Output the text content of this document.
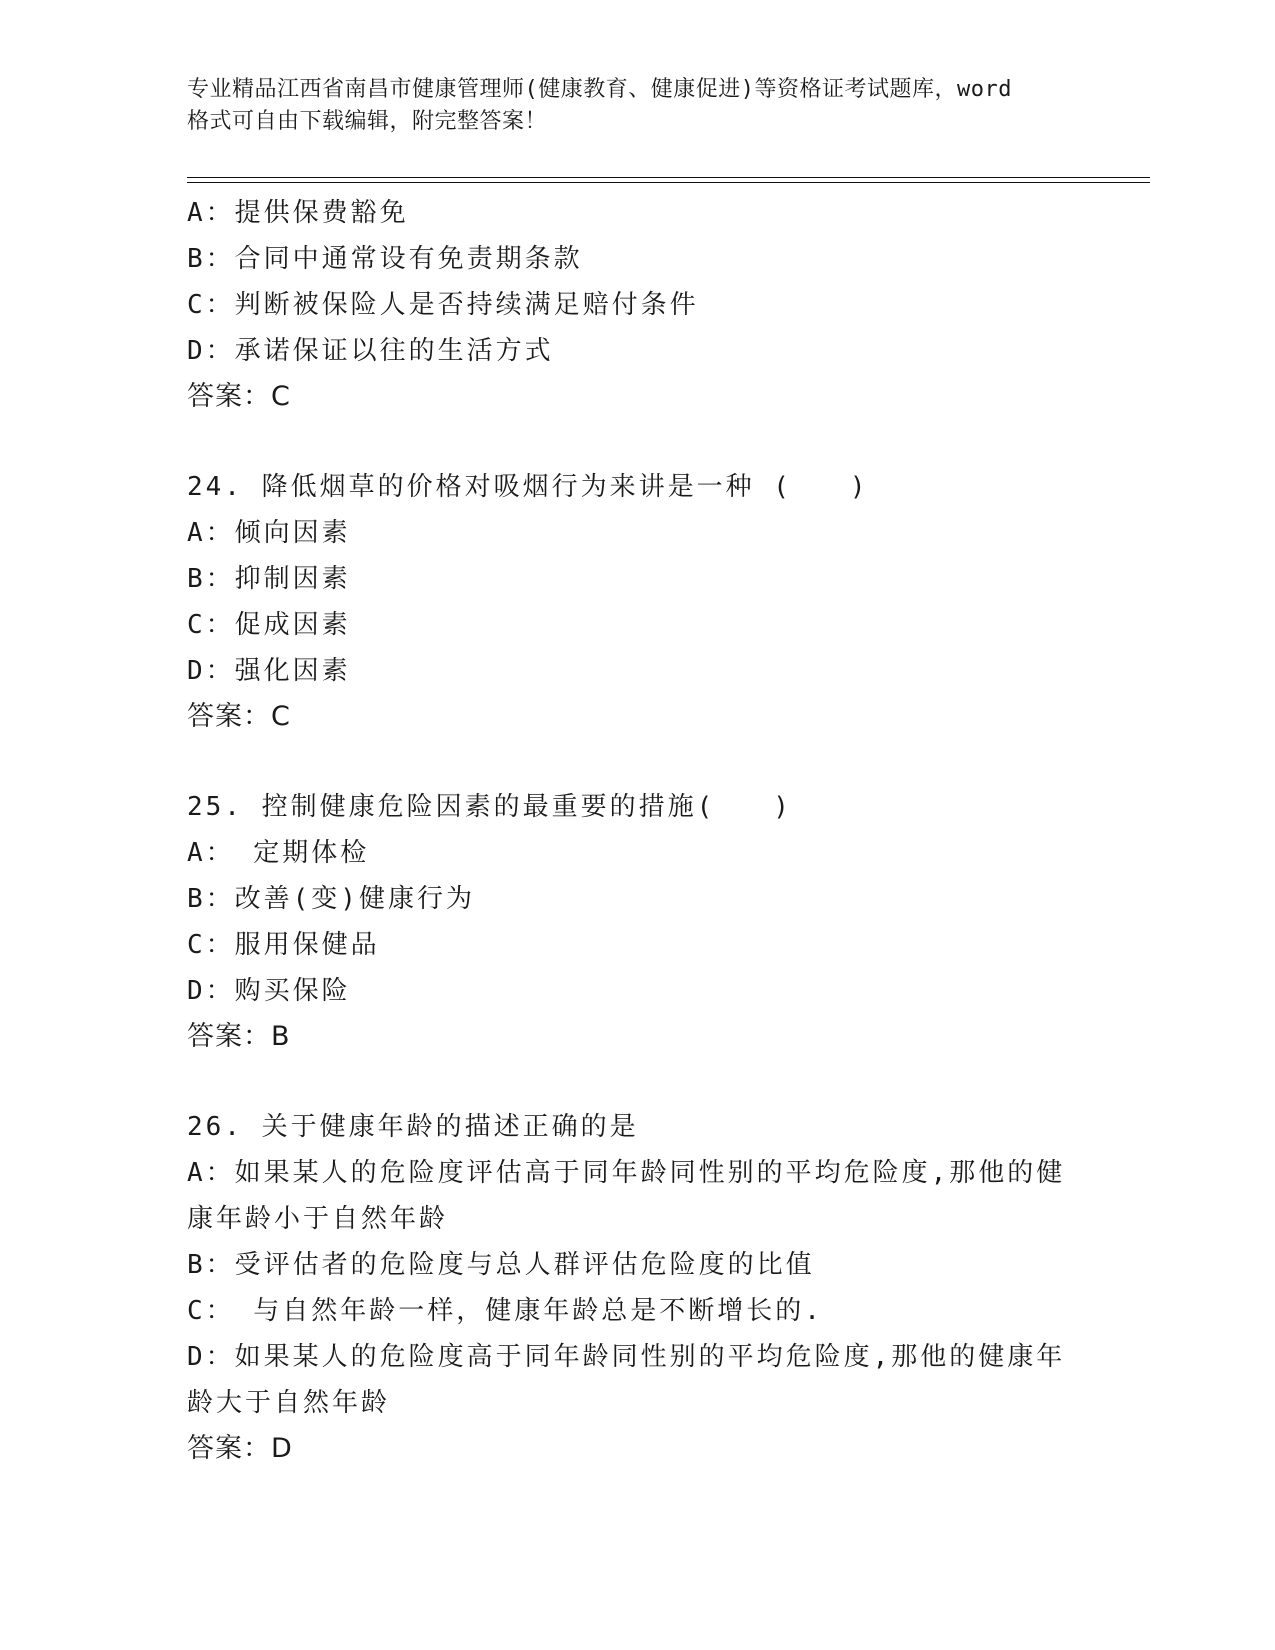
专业精品江西省南昌市健康管理师(健康教育、健康促进)等资格证考试题库，word
格式可自由下载编辑，附完整答案！
A：提供保费豁免
B：合同中通常设有免责期条款
C：判断被保险人是否持续满足赔付条件
D：承诺保证以往的生活方式
答案：C
24. 降低烟草的价格对吸烟行为来讲是一种 (　　)
A：倾向因素
B：抑制因素
C：促成因素
D：强化因素
答案：C
25. 控制健康危险因素的最重要的措施(　　)
A： 定期体检
B：改善(变)健康行为
C：服用保健品
D：购买保险
答案：B
26. 关于健康年龄的描述正确的是
A：如果某人的危险度评估高于同年龄同性别的平均危险度,那他的健康年龄小于自然年龄
B：受评估者的危险度与总人群评估危险度的比值
C： 与自然年龄一样，健康年龄总是不断增长的.
D：如果某人的危险度高于同年龄同性别的平均危险度,那他的健康年龄大于自然年龄
答案：D
